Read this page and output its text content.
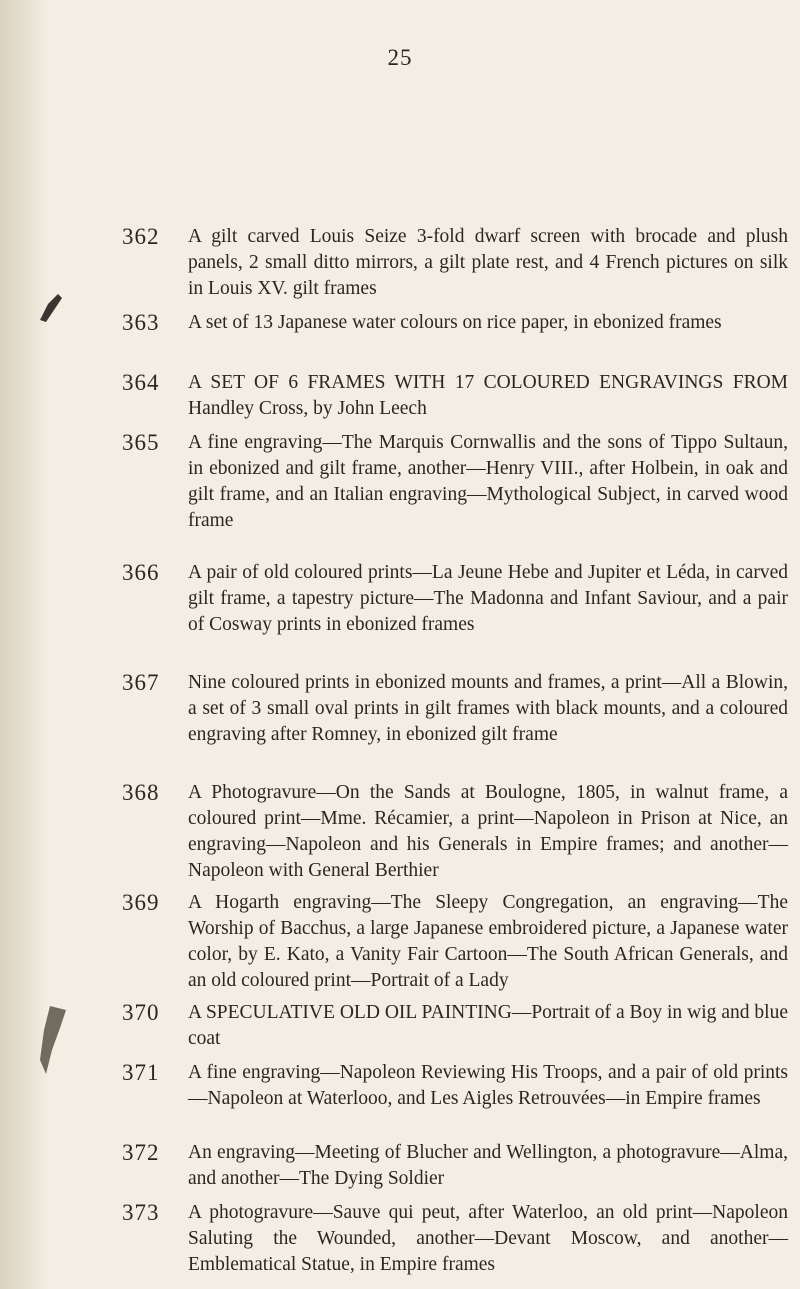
25
362	A gilt carved Louis Seize 3-fold dwarf screen with brocade and plush panels, 2 small ditto mirrors, a gilt plate rest, and 4 French pictures on silk in Louis XV. gilt frames
363	A set of 13 Japanese water colours on rice paper, in ebonized frames
364	A SET OF 6 FRAMES WITH 17 COLOURED ENGRAVINGS FROM Handley Cross, by John Leech
365	A fine engraving—The Marquis Cornwallis and the sons of Tippo Sultaun, in ebonized and gilt frame, another—Henry VIII., after Holbein, in oak and gilt frame, and an Italian engraving—Mythological Subject, in carved wood frame
366	A pair of old coloured prints—La Jeune Hebe and Jupiter et Léda, in carved gilt frame, a tapestry picture—The Madonna and Infant Saviour, and a pair of Cosway prints in ebonized frames
367	Nine coloured prints in ebonized mounts and frames, a print—All a Blowin, a set of 3 small oval prints in gilt frames with black mounts, and a coloured engraving after Romney, in ebonized gilt frame
368	A Photogravure—On the Sands at Boulogne, 1805, in walnut frame, a coloured print—Mme. Récamier, a print—Napoleon in Prison at Nice, an engraving—Napoleon and his Generals in Empire frames; and another—Napoleon with General Berthier
369	A Hogarth engraving—The Sleepy Congregation, an engraving—The Worship of Bacchus, a large Japanese embroidered picture, a Japanese water color, by E. Kato, a Vanity Fair Cartoon—The South African Generals, and an old coloured print—Portrait of a Lady
370	A SPECULATIVE OLD OIL PAINTING—Portrait of a Boy in wig and blue coat
371	A fine engraving—Napoleon Reviewing His Troops, and a pair of old prints—Napoleon at Waterlooo, and Les Aigles Retrouvées—in Empire frames
372	An engraving—Meeting of Blucher and Wellington, a photogravure—Alma, and another—The Dying Soldier
373	A photogravure—Sauve qui peut, after Waterloo, an old print—Napoleon Saluting the Wounded, another—Devant Moscow, and another—Emblematical Statue, in Empire frames
